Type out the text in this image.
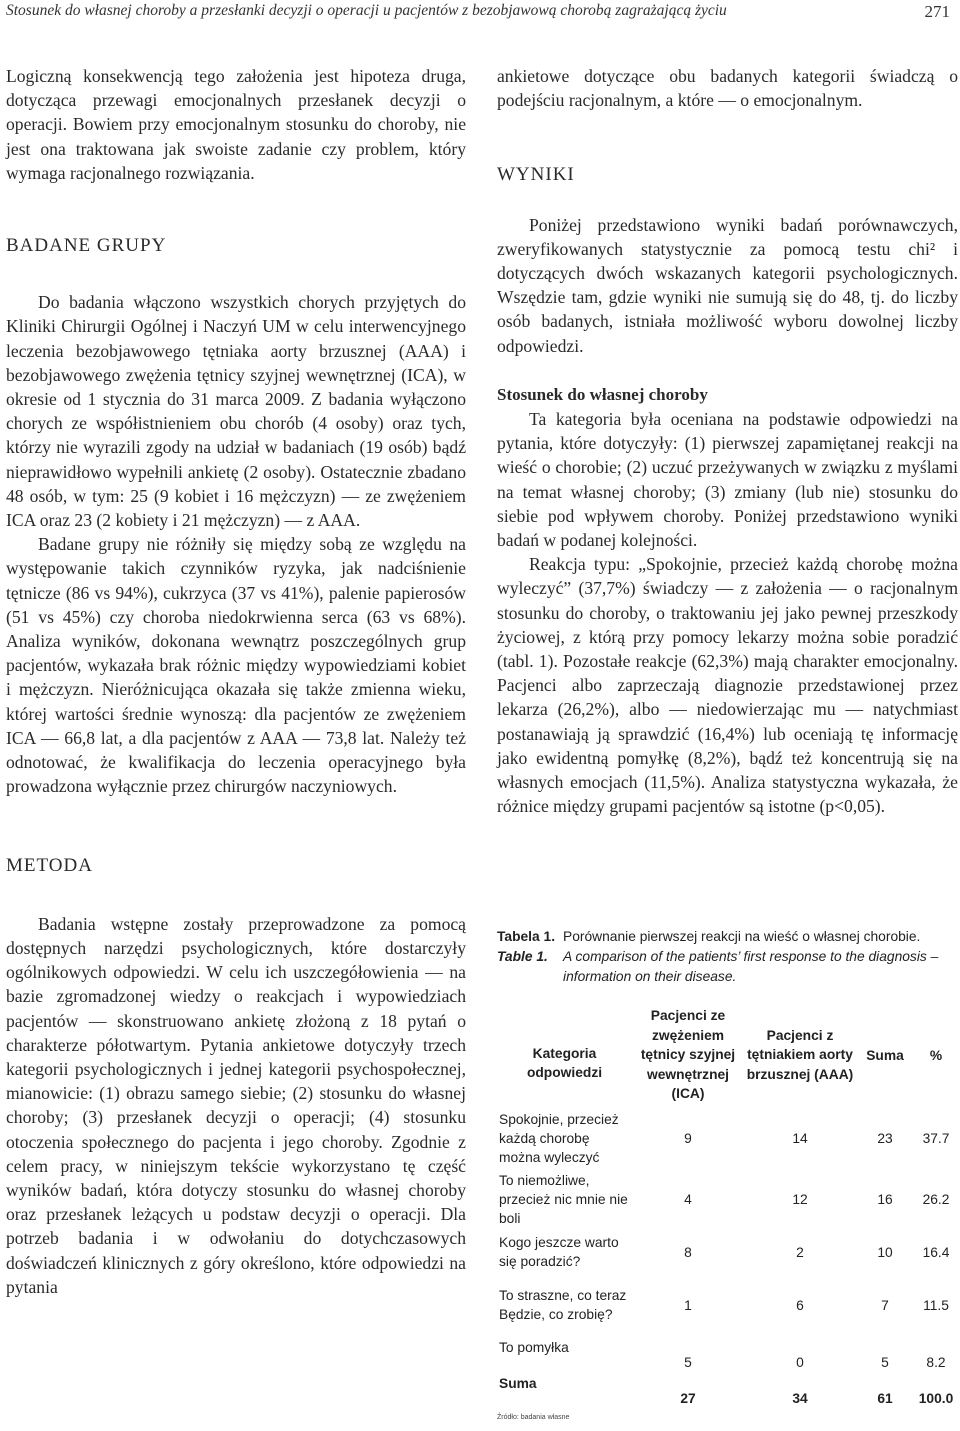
Stosunek do własnej choroby a przesłanki decyzji o operacji u pacjentów z bezobjawową chorobą zagrażającą życiu	271

Logiczną konsekwencją tego założenia jest hipoteza druga, dotycząca przewagi emocjonalnych przesłanek decyzji o operacji. Bowiem przy emocjonalnym stosunku do choroby, nie jest ona traktowana jak swoiste zadanie czy problem, który wymaga racjonalnego rozwiązania.

BADANE GRUPY

Do badania włączono wszystkich chorych przyjętych do Kliniki Chirurgii Ogólnej i Naczyń UM w celu interwencyjnego leczenia bezobjawowego tętniaka aorty brzusznej (AAA) i bezobjawowego zwężenia tętnicy szyjnej wewnętrznej (ICA), w okresie od 1 stycznia do 31 marca 2009. Z badania wyłączono chorych ze współistnieniem obu chorób (4 osoby) oraz tych, którzy nie wyrazili zgody na udział w badaniach (19 osób) bądź nieprawidłowo wypełnili ankietę (2 osoby). Ostatecznie zbadano 48 osób, w tym: 25 (9 kobiet i 16 mężczyzn) — ze zwężeniem ICA oraz 23 (2 kobiety i 21 mężczyzn) — z AAA.

Badane grupy nie różniły się między sobą ze względu na występowanie takich czynników ryzyka, jak nadciśnienie tętnicze (86 vs 94%), cukrzyca (37 vs 41%), palenie papierosów (51 vs 45%) czy choroba niedokrwienna serca (63 vs 68%). Analiza wyników, dokonana wewnątrz poszczególnych grup pacjentów, wykazała brak różnic między wypowiedziami kobiet i mężczyzn. Nieróżnicująca okazała się także zmienna wieku, której wartości średnie wynoszą: dla pacjentów ze zwężeniem ICA — 66,8 lat, a dla pacjentów z AAA — 73,8 lat. Należy też odnotować, że kwalifikacja do leczenia operacyjnego była prowadzona wyłącznie przez chirurgów naczyniowych.

METODA

Badania wstępne zostały przeprowadzone za pomocą dostępnych narzędzi psychologicznych, które dostarczyły ogólnikowych odpowiedzi. W celu ich uszczegółowienia — na bazie zgromadzonej wiedzy o reakcjach i wypowiedziach pacjentów — skonstruowano ankietę złożoną z 18 pytań o charakterze półotwartym. Pytania ankietowe dotyczyły trzech kategorii psychologicznych i jednej kategorii psychospołecznej, mianowicie: (1) obrazu samego siebie; (2) stosunku do własnej choroby; (3) przesłanek decyzji o operacji; (4) stosunku otoczenia społecznego do pacjenta i jego choroby. Zgodnie z celem pracy, w niniejszym tekście wykorzystano tę część wyników badań, która dotyczy stosunku do własnej choroby oraz przesłanek leżących u podstaw decyzji o operacji. Dla potrzeb badania i w odwołaniu do dotychczasowych doświadczeń klinicznych z góry określono, które odpowiedzi na pytania

ankietowe dotyczące obu badanych kategorii świadczą o podejściu racjonalnym, a które — o emocjonalnym.

WYNIKI

Poniżej przedstawiono wyniki badań porównawczych, zweryfikowanych statystycznie za pomocą testu chi² i dotyczących dwóch wskazanych kategorii psychologicznych. Wszędzie tam, gdzie wyniki nie sumują się do 48, tj. do liczby osób badanych, istniała możliwość wyboru dowolnej liczby odpowiedzi.

Stosunek do własnej choroby

Ta kategoria była oceniana na podstawie odpowiedzi na pytania, które dotyczyły: (1) pierwszej zapamiętanej reakcji na wieść o chorobie; (2) uczuć przeżywanych w związku z myślami na temat własnej choroby; (3) zmiany (lub nie) stosunku do siebie pod wpływem choroby. Poniżej przedstawiono wyniki badań w podanej kolejności.

Reakcja typu: „Spokojnie, przecież każdą chorobę można wyleczyć” (37,7%) świadczy — z założenia — o racjonalnym stosunku do choroby, o traktowaniu jej jako pewnej przeszkody życiowej, z którą przy pomocy lekarzy można sobie poradzić (tabl. 1). Pozostałe reakcje (62,3%) mają charakter emocjonalny. Pacjenci albo zaprzeczają diagnozie przedstawionej przez lekarza (26,2%), albo — niedowierzając mu — natychmiast postanawiają ją sprawdzić (16,4%) lub oceniają tę informację jako ewidentną pomyłkę (8,2%), bądź też koncentrują się na własnych emocjach (11,5%). Analiza statystyczna wykazała, że różnice między grupami pacjentów są istotne (p<0,05).

Tabela 1. Porównanie pierwszej reakcji na wieść o własnej chorobie.
Table 1.	A comparison of the patients’ first response to the diagnosis – information on their disease.
Kategoria odpowiedzi	Pacjenci ze zwężeniem tętnicy szyjnej wewnętrznej (ICA)	Pacjenci z tętniakiem aorty brzusznej (AAA)	Suma	%
Spokojnie, przecież każdą chorobę można wyleczyć	9	14	23	37.7
To niemożliwe, przecież nic mnie nie boli	4	12	16	26.2
Kogo jeszcze warto się poradzić?	8	2	10	16.4
To straszne, co teraz Będzie, co zrobię?	1	6	7	11.5
To pomyłka	5	0	5	8.2
Suma	27	34	61	100.0
Źródło: badania własne
